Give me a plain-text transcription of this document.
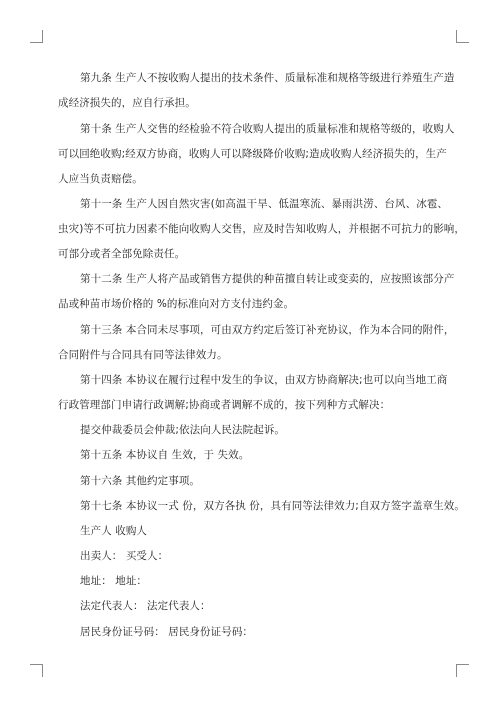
第九条 生产人不按收购人提出的技术条件、质量标准和规格等级进行养殖生产造
成经济损失的，应自行承担。
第十条 生产人交售的经检验不符合收购人提出的质量标准和规格等级的，收购人
可以回绝收购;经双方协商，收购人可以降级降价收购;造成收购人经济损失的，生产
人应当负责赔偿。
第十一条 生产人因自然灾害(如高温干旱、低温寒流、暴雨洪涝、台风、冰雹、
虫灾)等不可抗力因素不能向收购人交售，应及时告知收购人，并根据不可抗力的影响，
可部分或者全部免除责任。
第十二条 生产人将产品或销售方提供的种苗擅自转让或变卖的，应按照该部分产
品或种苗市场价格的 %的标准向对方支付违约金。
第十三条 本合同未尽事项，可由双方约定后签订补充协议，作为本合同的附件，
合同附件与合同具有同等法律效力。
第十四条 本协议在履行过程中发生的争议，由双方协商解决;也可以向当地工商
行政管理部门申请行政调解;协商或者调解不成的，按下列种方式解决：
提交仲裁委员会仲裁;依法向人民法院起诉。
第十五条 本协议自 生效，于 失效。
第十六条 其他约定事项。
第十七条 本协议一式 份，双方各执 份，具有同等法律效力;自双方签字盖章生效。
生产人 收购人
出卖人： 买受人：
地址： 地址：
法定代表人： 法定代表人：
居民身份证号码： 居民身份证号码：
